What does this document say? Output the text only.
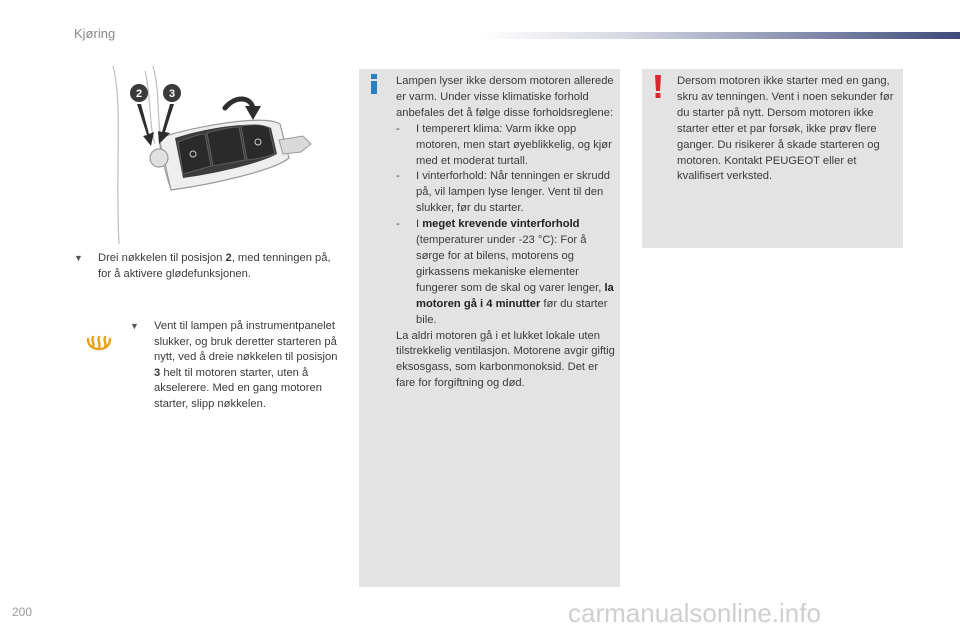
Kjøring
2 3
▼ Drei nøkkelen til posisjon 2, med tenningen på, for å aktivere glødefunksjonen.
▼ Vent til lampen på instrumentpanelet slukker, og bruk deretter starteren på nytt, ved å dreie nøkkelen til posisjon 3 helt til motoren starter, uten å akselerere. Med en gang motoren starter, slipp nøkkelen.

Lampen lyser ikke dersom motoren allerede er varm. Under visse klimatiske forhold anbefales det å følge disse forholdsreglene:

- I temperert klima: Varm ikke opp motoren, men start øyeblikkelig, og kjør med et moderat turtall.

- I vinterforhold: Når tenningen er skrudd på, vil lampen lyse lenger. Vent til den slukker, før du starter.

- I meget krevende vinterforhold (temperaturer under -23 °C): For å sørge for at bilens, motorens og girkassens mekaniske elementer fungerer som de skal og varer lenger, la motoren gå i 4 minutter før du starter bile.

La aldri motoren gå i et lukket lokale uten tilstrekkelig ventilasjon. Motorene avgir giftig eksosgass, som karbonmonoksid. Det er fare for forgiftning og død.

Dersom motoren ikke starter med en gang, skru av tenningen. Vent i noen sekunder før du starter på nytt. Dersom motoren ikke starter etter et par forsøk, ikke prøv flere ganger. Du risikerer å skade starteren og motoren. Kontakt PEUGEOT eller et kvalifisert verksted.
200	carmanualsonline.info
